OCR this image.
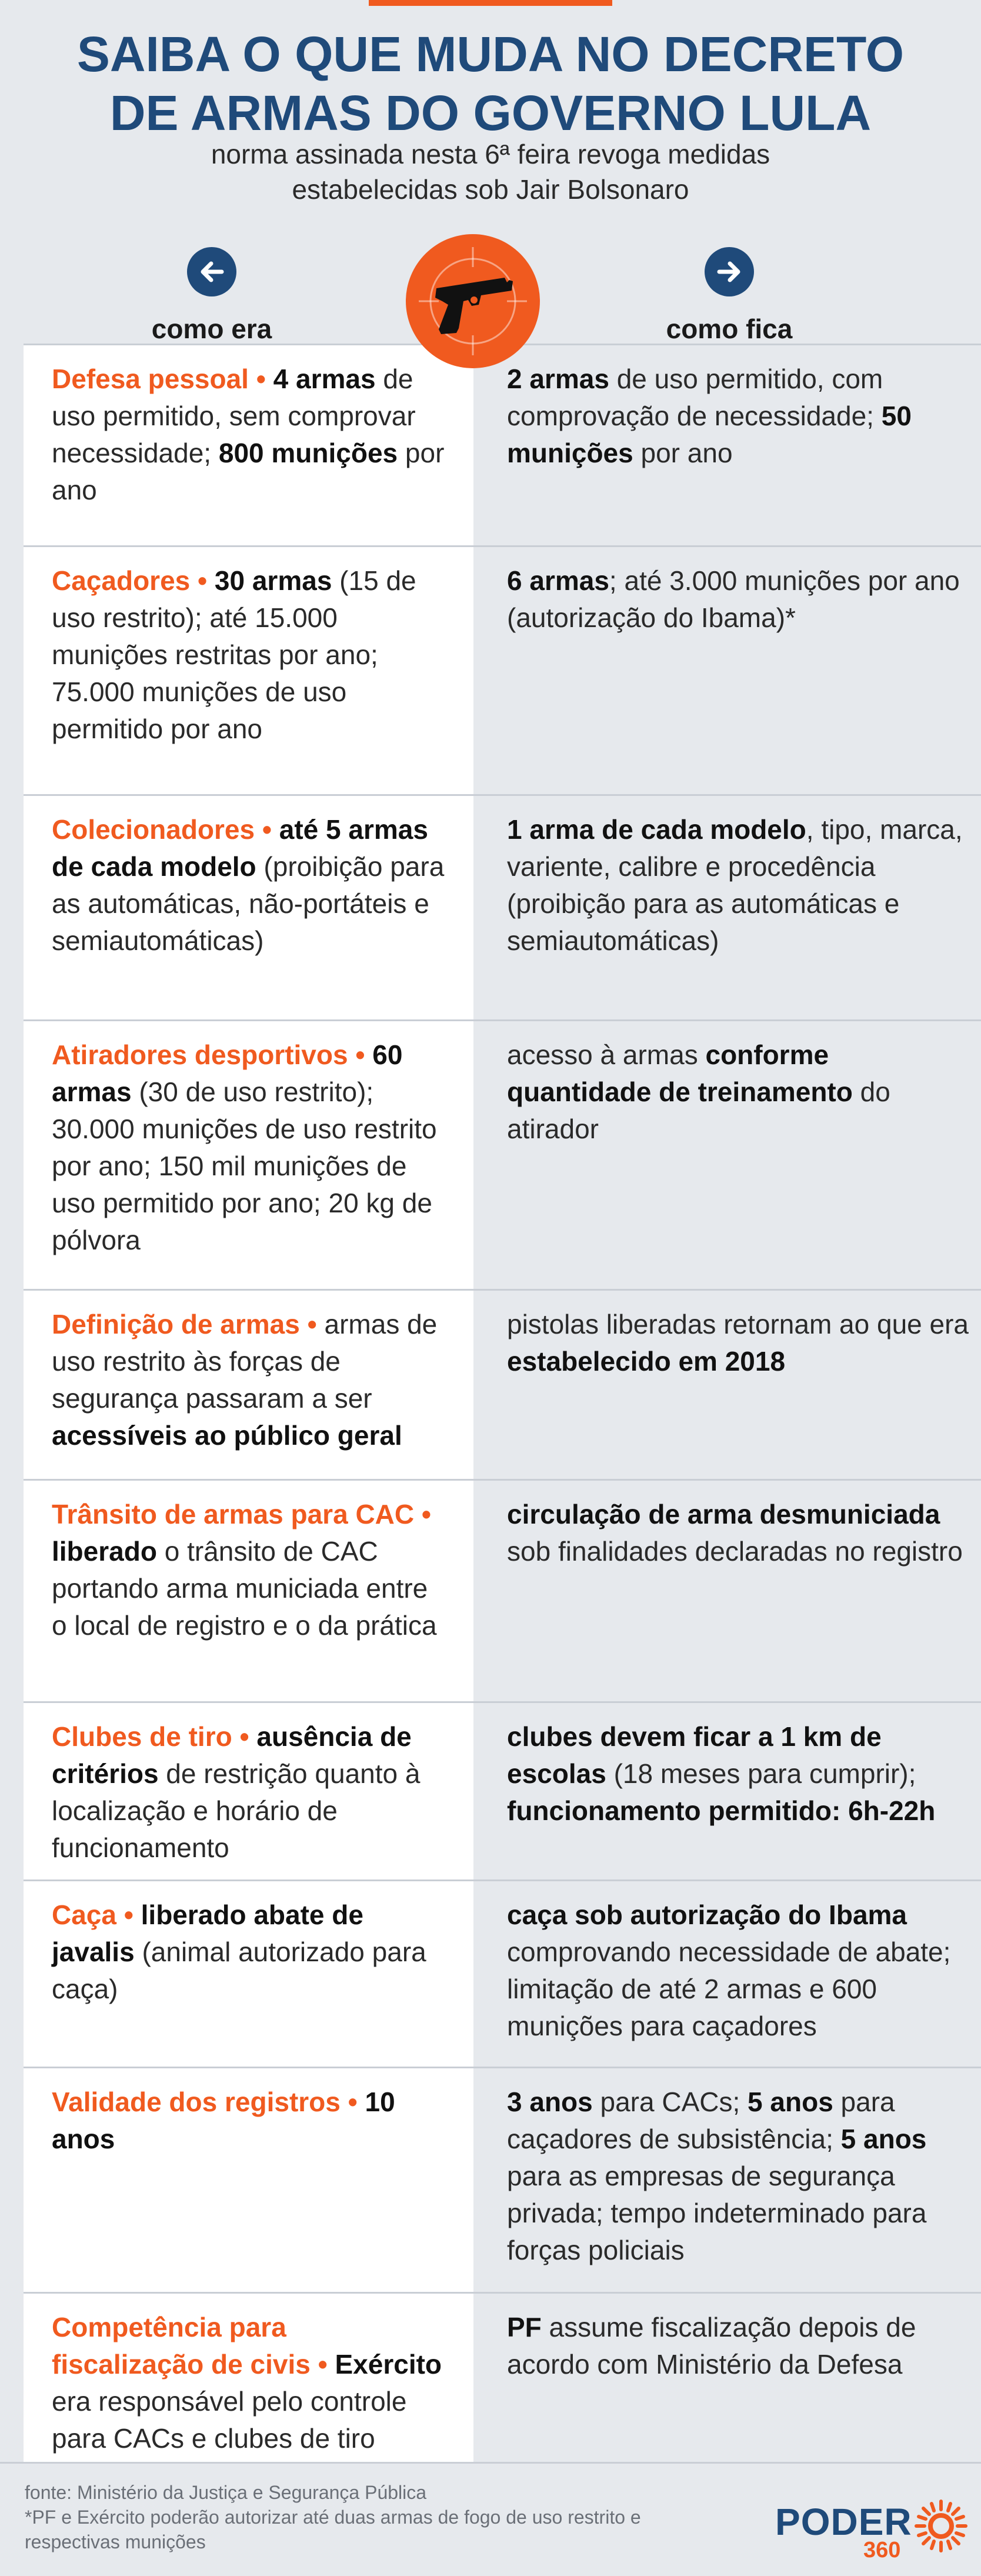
SAIBA O QUE MUDA NO DECRETO
DE ARMAS DO GOVERNO LULA
norma assinada nesta 6ª feira revoga medidas
estabelecidas sob Jair Bolsonaro
como era	como fica
Defesa pessoal • 4 armas de uso permitido, sem comprovar necessidade; 800 munições por ano
2 armas de uso permitido, com comprovação de necessidade; 50 munições por ano
Caçadores • 30 armas (15 de uso restrito); até 15.000 munições restritas por ano; 75.000 munições de uso permitido por ano
6 armas; até 3.000 munições por ano (autorização do Ibama)*
Colecionadores • até 5 armas de cada modelo (proibição para as automáticas, não-portáteis e semiautomáticas)
1 arma de cada modelo, tipo, marca, variente, calibre e procedência (proibição para as automáticas e semiautomáticas)
Atiradores desportivos • 60 armas (30 de uso restrito); 30.000 munições de uso restrito por ano; 150 mil munições de uso permitido por ano; 20 kg de pólvora
acesso à armas conforme quantidade de treinamento do atirador
Definição de armas • armas de uso restrito às forças de segurança passaram a ser acessíveis ao público geral
pistolas liberadas retornam ao que era estabelecido em 2018
Trânsito de armas para CAC • liberado o trânsito de CAC portando arma municiada entre o local de registro e o da prática
circulação de arma desmuniciada sob finalidades declaradas no registro
Clubes de tiro • ausência de critérios de restrição quanto à localização e horário de funcionamento
clubes devem ficar a 1 km de escolas (18 meses para cumprir); funcionamento permitido: 6h-22h
Caça • liberado abate de javalis (animal autorizado para caça)
caça sob autorização do Ibama comprovando necessidade de abate; limitação de até 2 armas e 600 munições para caçadores
Validade dos registros • 10 anos
3 anos para CACs; 5 anos para caçadores de subsistência; 5 anos para as empresas de segurança privada; tempo indeterminado para forças policiais
Competência para fiscalização de civis • Exército era responsável pelo controle para CACs e clubes de tiro
PF assume fiscalização depois de acordo com Ministério da Defesa
fonte: Ministério da Justiça e Segurança Pública
*PF e Exército poderão autorizar até duas armas de fogo de uso restrito e respectivas munições	PODER
360
